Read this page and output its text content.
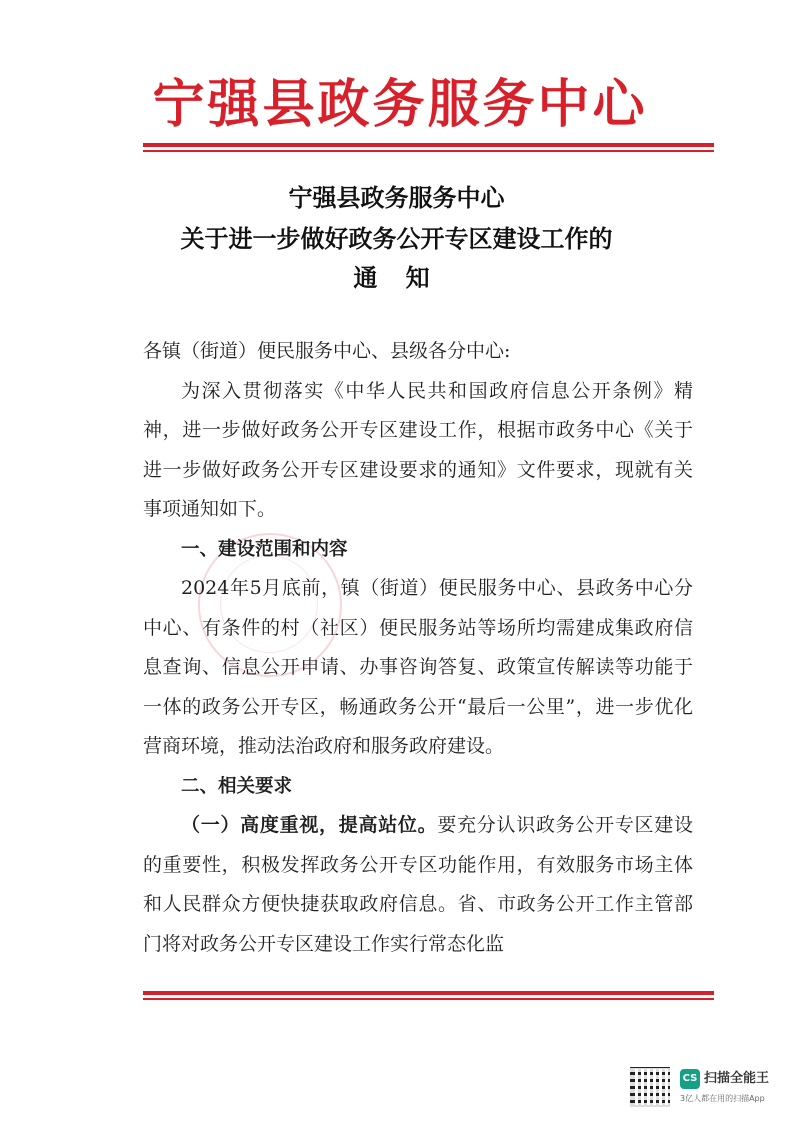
宁强县政务服务中心
宁强县政务服务中心
关于进一步做好政务公开专区建设工作的
通 知

各镇（街道）便民服务中心、县级各分中心:

为深入贯彻落实《中华人民共和国政府信息公开条例》精神，进一步做好政务公开专区建设工作，根据市政务中心《关于进一步做好政务公开专区建设要求的通知》文件要求，现就有关事项通知如下。

一、建设范围和内容

2024年5月底前，镇（街道）便民服务中心、县政务中心分中心、有条件的村（社区）便民服务站等场所均需建成集政府信息查询、信息公开申请、办事咨询答复、政策宣传解读等功能于一体的政务公开专区，畅通政务公开“最后一公里”，进一步优化营商环境，推动法治政府和服务政府建设。

二、相关要求

（一）高度重视，提高站位。要充分认识政务公开专区建设的重要性，积极发挥政务公开专区功能作用，有效服务市场主体和人民群众方便快捷获取政府信息。省、市政务公开工作主管部门将对政务公开专区建设工作实行常态化监

CS 扫描全能王
3亿人都在用的扫描App
